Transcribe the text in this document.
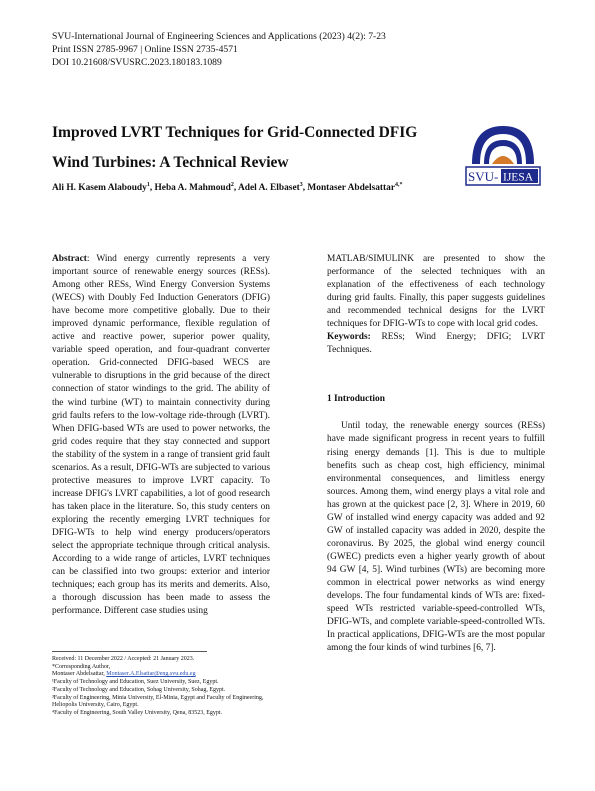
SVU-International Journal of Engineering Sciences and Applications (2023) 4(2): 7-23
Print ISSN 2785-9967 | Online ISSN 2735-4571
DOI 10.21608/SVUSRC.2023.180183.1089
Improved LVRT Techniques for Grid-Connected DFIG
Wind Turbines: A Technical Review
SVU- IJESA
Ali H. Kasem Alaboudy$^1$, Heba A. Mahmoud$^2$, Adel A. Elbaset$^3$, Montaser Abdelsattar$^{4,*}$

Abstract: Wind energy currently represents a very important source of renewable energy sources (RESs). Among other RESs, Wind Energy Conversion Systems (WECS) with Doubly Fed Induction Generators (DFIG) have become more competitive globally. Due to their improved dynamic performance, flexible regulation of active and reactive power, superior power quality, variable speed operation, and four-quadrant converter operation. Grid-connected DFIG-based WECS are vulnerable to disruptions in the grid because of the direct connection of stator windings to the grid. The ability of the wind turbine (WT) to maintain connectivity during grid faults refers to the low-voltage ride-through (LVRT). When DFIG-based WTs are used to power networks, the grid codes require that they stay connected and support the stability of the system in a range of transient grid fault scenarios. As a result, DFIG-WTs are subjected to various protective measures to improve LVRT capacity. To increase DFIG's LVRT capabilities, a lot of good research has taken place in the literature. So, this study centers on exploring the recently emerging LVRT techniques for DFIG-WTs to help wind energy producers/operators select the appropriate technique through critical analysis. According to a wide range of articles, LVRT techniques can be classified into two groups: exterior and interior techniques; each group has its merits and demerits. Also, a thorough discussion has been made to assess the performance. Different case studies using

MATLAB/SIMULINK are presented to show the performance of the selected techniques with an explanation of the effectiveness of each technology during grid faults. Finally, this paper suggests guidelines and recommended technical designs for the LVRT techniques for DFIG-WTs to cope with local grid codes.

Keywords: RESs; Wind Energy; DFIG; LVRT Techniques.

1 Introduction

Until today, the renewable energy sources (RESs) have made significant progress in recent years to fulfill rising energy demands [1]. This is due to multiple benefits such as cheap cost, high efficiency, minimal environmental consequences, and limitless energy sources. Among them, wind energy plays a vital role and has grown at the quickest pace [2, 3]. Where in 2019, 60 GW of installed wind energy capacity was added and 92 GW of installed capacity was added in 2020, despite the coronavirus. By 2025, the global wind energy council (GWEC) predicts even a higher yearly growth of about 94 GW [4, 5]. Wind turbines (WTs) are becoming more common in electrical power networks as wind energy develops. The four fundamental kinds of WTs are: fixed-speed WTs restricted variable-speed-controlled WTs, DFIG-WTs, and complete variable-speed-controlled WTs. In practical applications, DFIG-WTs are the most popular among the four kinds of wind turbines [6, 7].

Received: 11 December 2022 / Accepted: 21 January 2023.
*Corresponding Author,
Montaser Abdelsattar, Montaser.A.Elsattar@eng.svu.edu.eg
¹Faculty of Technology and Education, Suez University, Suez, Egypt.
²Faculty of Technology and Education, Sohag University, Sohag, Egypt.
³Faculty of Engineering, Minia University, El-Minia, Egypt and Faculty of Engineering, Heliopolis University, Cairo, Egypt.
⁴Faculty of Engineering, South Valley University, Qena, 83523, Egypt.
